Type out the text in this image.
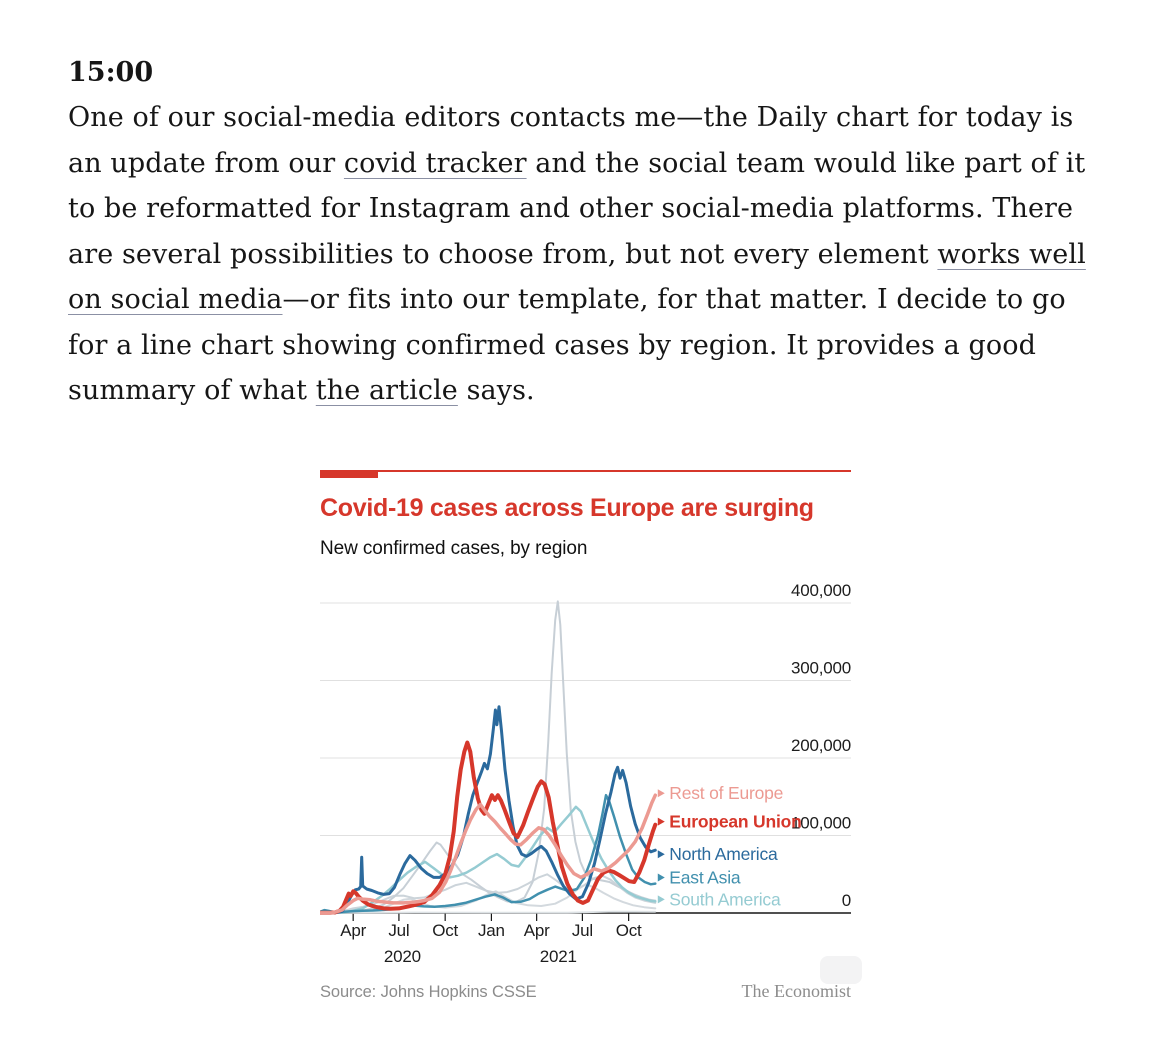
15:00

One of our social-media editors contacts me—the Daily chart for today is an update from our covid tracker and the social team would like part of it to be reformatted for Instagram and other social-media platforms. There are several possibilities to choose from, but not every element works well on social media—or fits into our template, for that matter. I decide to go for a line chart showing confirmed cases by region. It provides a good summary of what the article says.

Covid-19 cases across Europe are surging

New confirmed cases, by region

0
100,000
200,000
300,000
400,000
Apr Jul Oct Jan Apr Jul Oct
2020	2021
South America
East Asia
North America
European Union
Rest of Europe
Source: Johns Hopkins CSSE	The Economist
